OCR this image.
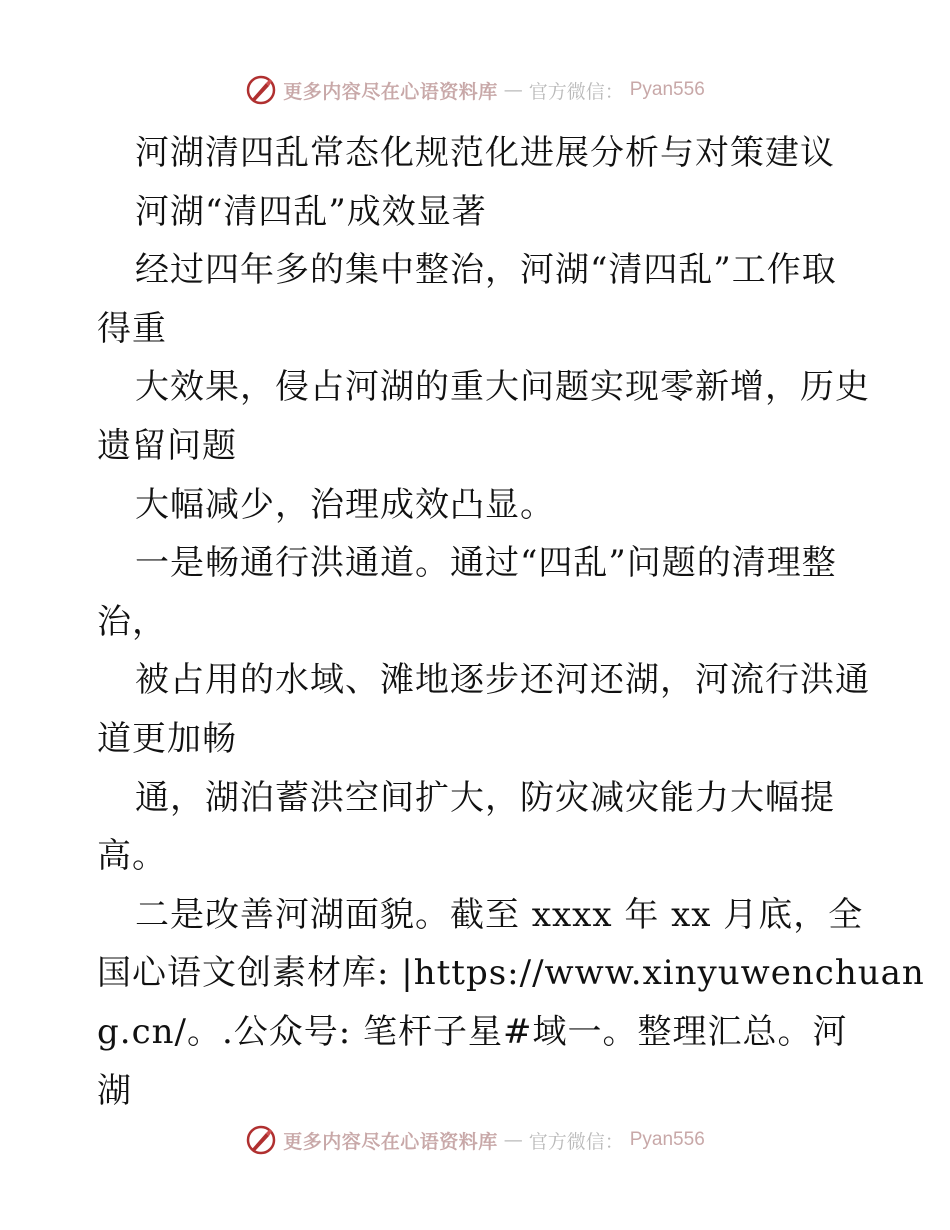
更多内容尽在心语资料库 — 官方微信： Pyan556
河湖清四乱常态化规范化进展分析与对策建议
河湖“清四乱”成效显著
经过四年多的集中整治，河湖“清四乱”工作取
得重
大效果，侵占河湖的重大问题实现零新增，历史
遗留问题
大幅减少，治理成效凸显。
一是畅通行洪通道。通过“四乱”问题的清理整
治，
被占用的水域、滩地逐步还河还湖，河流行洪通
道更加畅
通，湖泊蓄洪空间扩大，防灾减灾能力大幅提
高。
二是改善河湖面貌。截至 xxxx 年 xx 月底，全
国心语文创素材库: |https://www.xinyuwenchuan
g.cn/。.公众号: 笔杆子星#域一。整理汇总。河
湖
更多内容尽在心语资料库 — 官方微信： Pyan556
